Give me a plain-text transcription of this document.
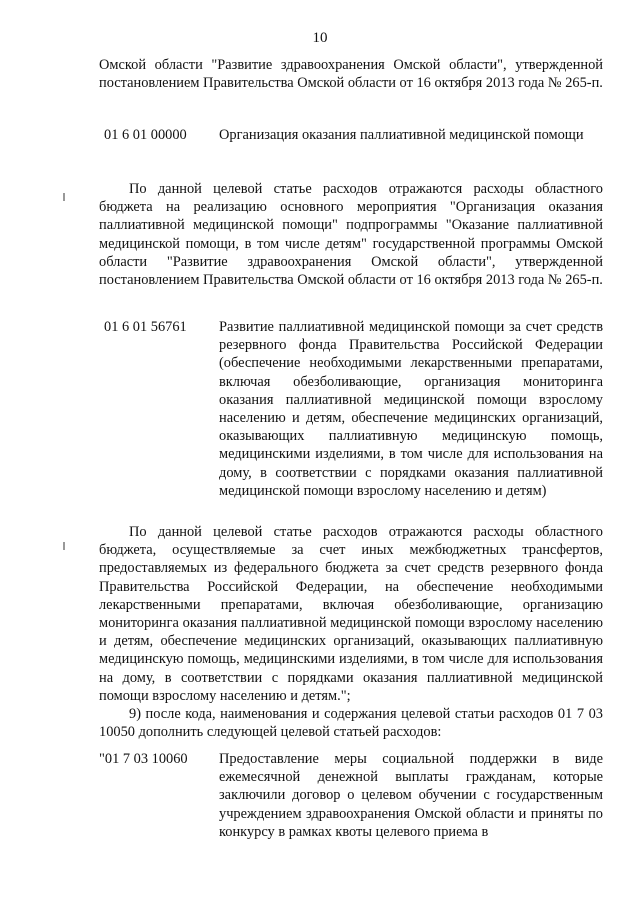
10
Омской области "Развитие здравоохранения Омской области", утвержденной постановлением Правительства Омской области от 16 октября 2013 года № 265-п.
01 6 01 00000 Организация оказания паллиативной медицинской помощи
По данной целевой статье расходов отражаются расходы областного бюджета на реализацию основного мероприятия "Организация оказания паллиативной медицинской помощи" подпрограммы "Оказание паллиативной медицинской помощи, в том числе детям" государственной программы Омской области "Развитие здравоохранения Омской области", утвержденной постановлением Правительства Омской области от 16 октября 2013 года № 265-п.
01 6 01 56761 Развитие паллиативной медицинской помощи за счет средств резервного фонда Правительства Российской Федерации (обеспечение необходимыми лекарственными препаратами, включая обезболивающие, организация мониторинга оказания паллиативной медицинской помощи взрослому населению и детям, обеспечение медицинских организаций, оказывающих паллиативную медицинскую помощь, медицинскими изделиями, в том числе для использования на дому, в соответствии с порядками оказания паллиативной медицинской помощи взрослому населению и детям)
По данной целевой статье расходов отражаются расходы областного бюджета, осуществляемые за счет иных межбюджетных трансфертов, предоставляемых из федерального бюджета за счет средств резервного фонда Правительства Российской Федерации, на обеспечение необходимыми лекарственными препаратами, включая обезболивающие, организацию мониторинга оказания паллиативной медицинской помощи взрослому населению и детям, обеспечение медицинских организаций, оказывающих паллиативную медицинскую помощь, медицинскими изделиями, в том числе для использования на дому, в соответствии с порядками оказания паллиативной медицинской помощи взрослому населению и детям.";
9) после кода, наименования и содержания целевой статьи расходов 01 7 03 10050 дополнить следующей целевой статьей расходов:
"01 7 03 10060 Предоставление меры социальной поддержки в виде ежемесячной денежной выплаты гражданам, которые заключили договор о целевом обучении с государственным учреждением здравоохранения Омской области и приняты по конкурсу в рамках квоты целевого приема в
